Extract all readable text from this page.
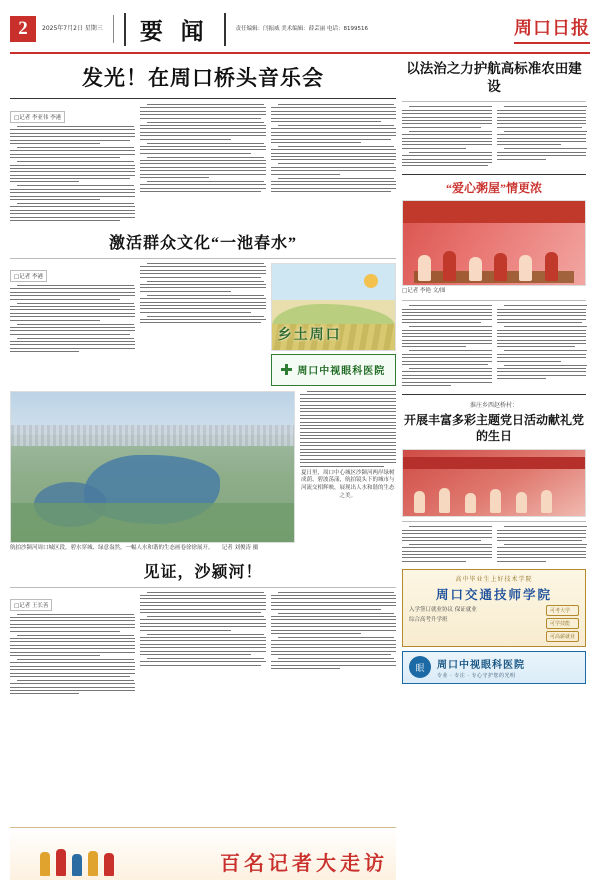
2	2025年7月2日 星期三	要 闻	责任编辑：闫振威 美术编辑：薛芸丽 电话：8199516	周口日报
发光！在周口桥头音乐会
□记者 李亚伟 李港
激活群众文化“一池春水”
□记者 李港
乡土周口
周口中视眼科医院
航拍沙颍河周口城区段，碧水穿城、绿意盎然，一幅人水和谐的生态画卷徐徐展开。　　记者 刘俊涛 摄
夏日里，周口中心城区沙颍河两岸绿树成荫、碧波荡漾，航拍镜头下的城市与河流交相辉映，展现出人水和谐的生态之美。
见证，沙颍河！
□记者 王长善
百名记者大走访
以法治之力护航高标准农田建设
“爱心粥屋”情更浓
□记者 李艳 文/图
淮庄乡西赵桥村：
开展丰富多彩主题党日活动献礼党的生日
高中毕业生上好技术学院
周口交通技师学院
入学签订就业协议 保证就业
综合高考升学班
可考大学
可学技能
可高薪就业
眼	周口中视眼科医院
专业 · 专注 · 专心守护您的光明
